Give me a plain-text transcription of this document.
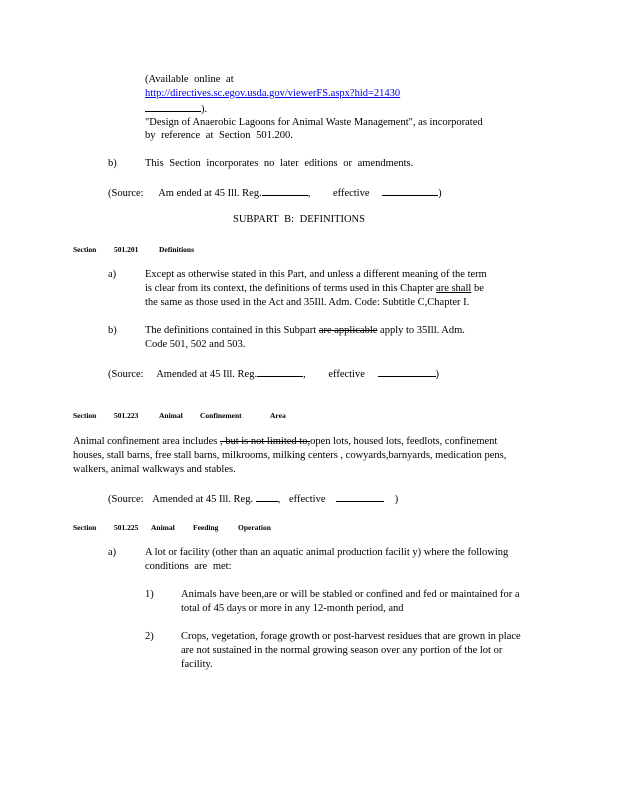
(Available online at
http://directives.sc.egov.usda.gov/viewerFS.aspx?hid=21430).
"Design of Anaerobic Lagoons for Animal Waste Management", as incorporated
by reference at Section 501.200.
b)	This Section incorporates no later editions or amendments.
(Source: Am ended at 45 Ill. Reg.	, effective	)
SUBPART B: DEFINITIONS
Section 501.201	Definitions
a)	Except as otherwise stated in this Part, and unless a different meaning of the term
is clear from its context, the definitions of terms used in this Chapter are shall be
the same as those used in the Act and 35Ill. Adm. Code: Subtitle C,Chapter I.
b)	The definitions contained in this Subpart are applicable apply to 35Ill. Adm.
Code 501, 502 and 503.
(Source: Amended at 45 Ill. Reg.	, effective	)
Section 501.223	Animal Confinement	Area
Animal confinement area includes , but is not limited to,open lots, housed lots, feedlots, confinement
houses, stall barns, free stall barns, milkrooms, milking centers , cowyards,barnyards, medication pens,
walkers, animal walkways and stables.
(Source: Amended at 45 Ill. Reg. , effective	)
Section 501.225 Animal Feeding	Operation
a)	A lot or facility (other than an aquatic animal production facilit y) where the following
conditions are met:
1)	Animals have been,are or will be stabled or confined and fed or maintained for a
total of 45 days or more in any 12-month period, and
2)	Crops, vegetation, forage growth or post-harvest residues that are grown in place
are not sustained in the normal growing season over any portion of the lot or
facility.
